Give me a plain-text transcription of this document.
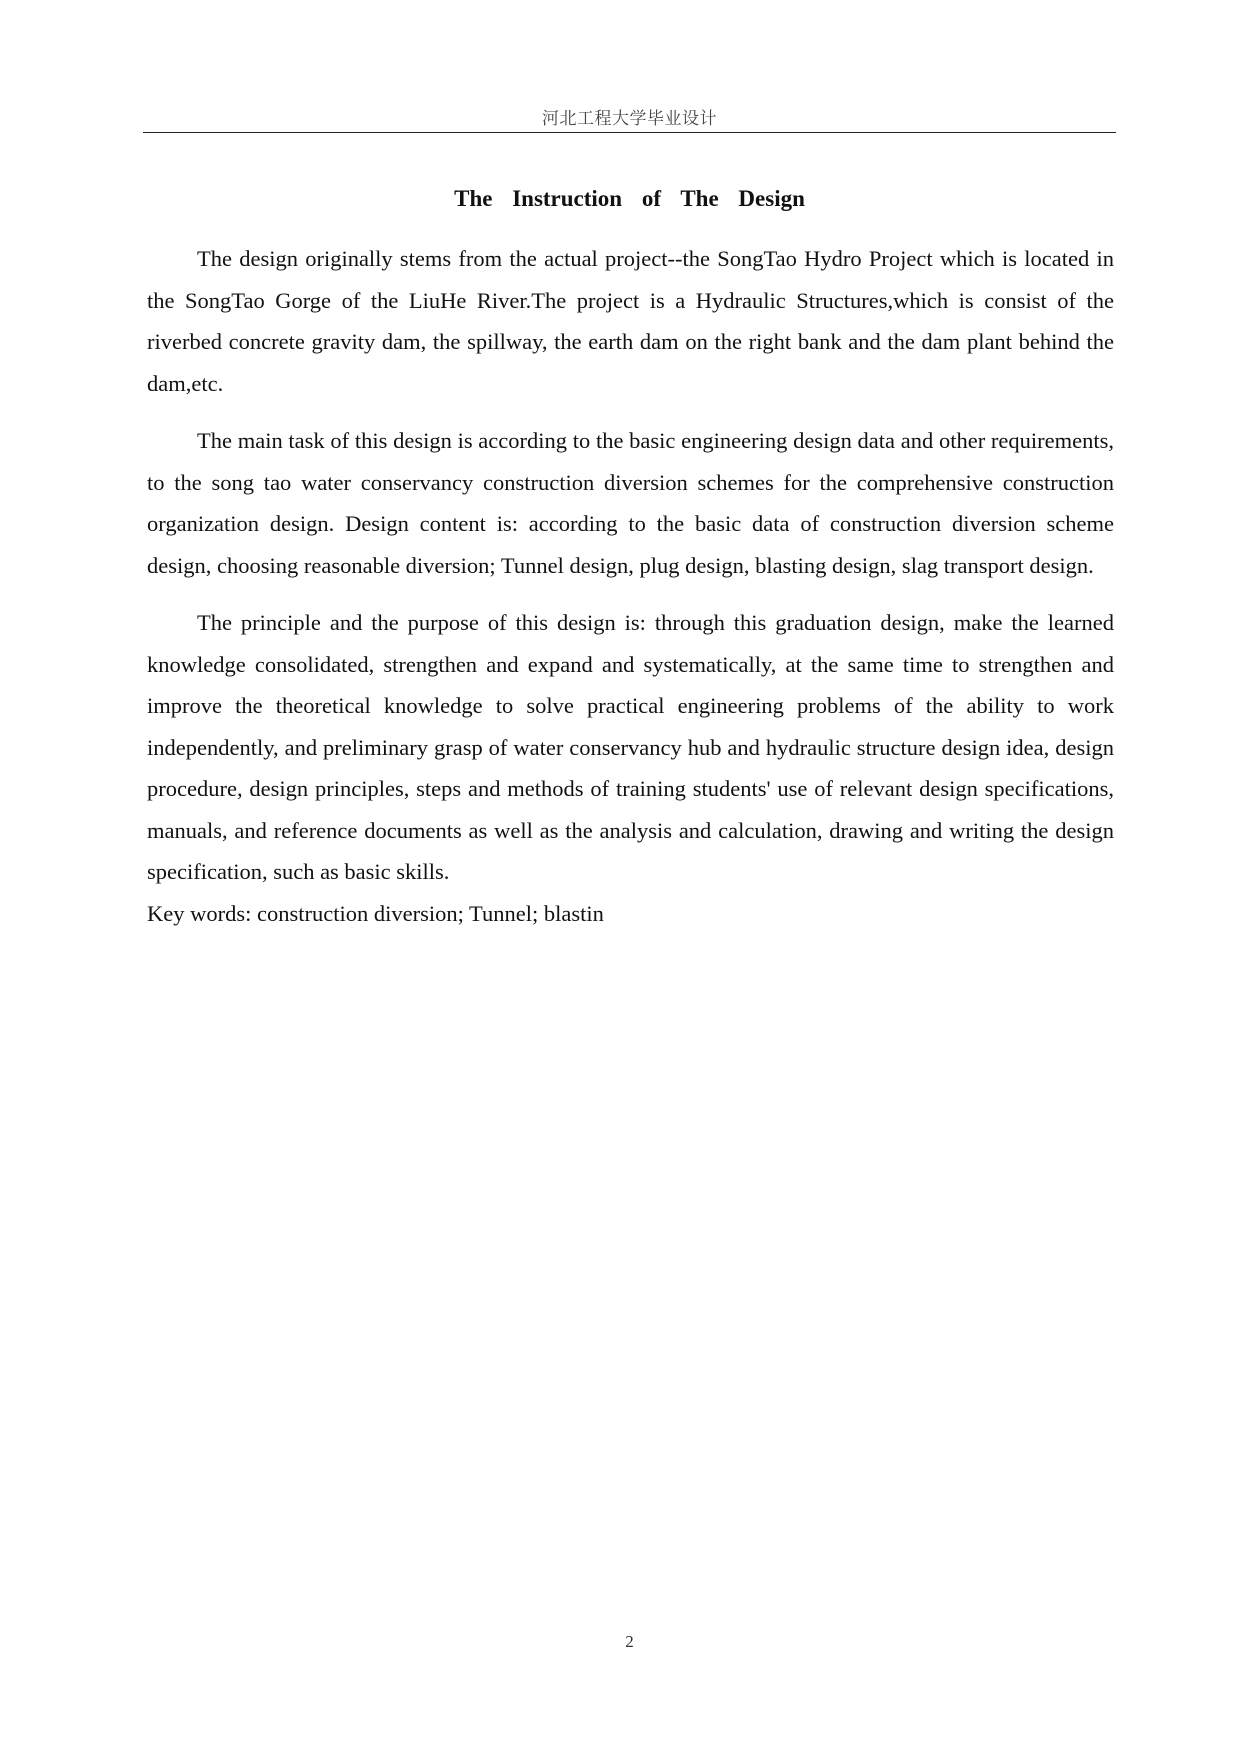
河北工程大学毕业设计
The Instruction of The Design

The design originally stems from the actual project--the SongTao Hydro Project which is located in the SongTao Gorge of the LiuHe River.The project is a Hydraulic Structures,which is consist of the riverbed concrete gravity dam, the spillway, the earth dam on the right bank and the dam plant behind the dam,etc.

The main task of this design is according to the basic engineering design data and other requirements, to the song tao water conservancy construction diversion schemes for the comprehensive construction organization design. Design content is: according to the basic data of construction diversion scheme design, choosing reasonable diversion; Tunnel design, plug design, blasting design, slag transport design.

The principle and the purpose of this design is: through this graduation design, make the learned knowledge consolidated, strengthen and expand and systematically, at the same time to strengthen and improve the theoretical knowledge to solve practical engineering problems of the ability to work independently, and preliminary grasp of water conservancy hub and hydraulic structure design idea, design procedure, design principles, steps and methods of training students' use of relevant design specifications, manuals, and reference documents as well as the analysis and calculation, drawing and writing the design specification, such as basic skills.

Key words: construction diversion; Tunnel; blastin

2
